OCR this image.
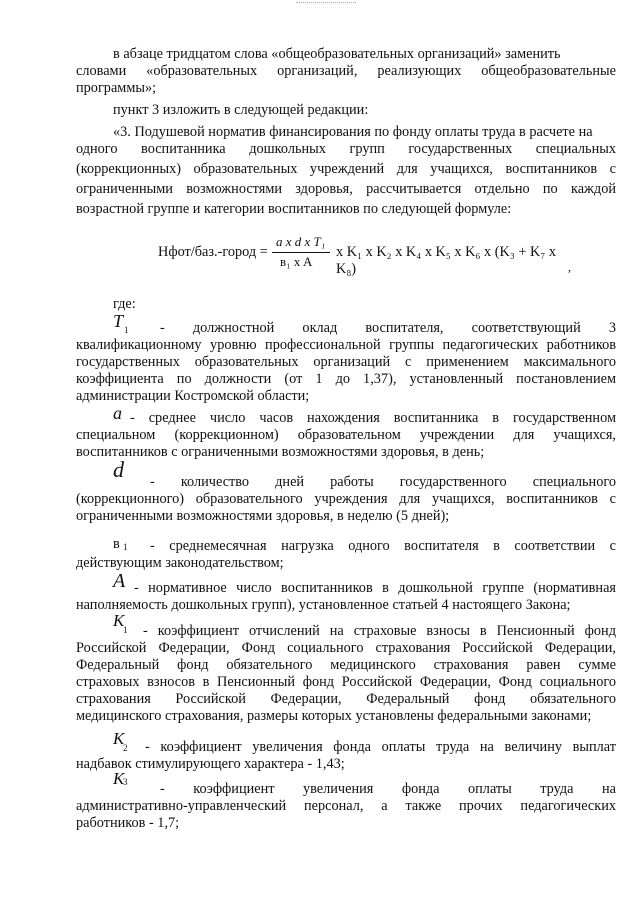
в абзаце тридцатом слова «общеобразовательных организаций» заменить
словами «образовательных организаций, реализующих общеобразовательные
программы»;
пункт 3 изложить в следующей редакции:
«3. Подушевой норматив финансирования по фонду оплаты труда в расчете на
одного воспитанника дошкольных групп государственных специальных
(коррекционных) образовательных учреждений для учащихся, воспитанников с
ограниченными возможностями здоровья, рассчитывается отдельно по каждой
возрастной группе и категории воспитанников по следующей формуле:
Нфот/баз.-город =
a x d x T₁
в₁ x A
x K₁ x K₂ x K₄ x K₅ x K₆ x (K₃ + K₇ x K₈)	,
где:
T 1 - должностной оклад воспитателя, соответствующий 3
квалификационному уровню профессиональной группы педагогических работников
государственных образовательных организаций с применением максимального
коэффициента по должности (от 1 до 1,37), установленный постановлением
администрации Костромской области;
a - среднее число часов нахождения воспитанника в государственном
специальном (коррекционном) образовательном учреждении для учащихся,
воспитанников с ограниченными возможностями здоровья, в день;
d - количество дней работы государственного специального
(коррекционного) образовательного учреждения для учащихся, воспитанников с
ограниченными возможностями здоровья, в неделю (5 дней);
в 1 - среднемесячная нагрузка одного воспитателя в соответствии с
действующим законодательством;
A - нормативное число воспитанников в дошкольной группе (нормативная
наполняемость дошкольных групп), установленное статьей 4 настоящего Закона;
K
1 - коэффициент отчислений на страховые взносы в Пенсионный фонд
Российской Федерации, Фонд социального страхования Российской Федерации,
Федеральный фонд обязательного медицинского страхования равен сумме
страховых взносов в Пенсионный фонд Российской Федерации, Фонд социального
страхования Российской Федерации, Федеральный фонд обязательного
медицинского страхования, размеры которых установлены федеральными законами;
K
2 - коэффициент увеличения фонда оплаты труда на величину выплат
надбавок стимулирующего характера - 1,43;
K
3 - коэффициент увеличения фонда оплаты труда на
административно-управленческий персонал, а также прочих педагогических
работников - 1,7;
